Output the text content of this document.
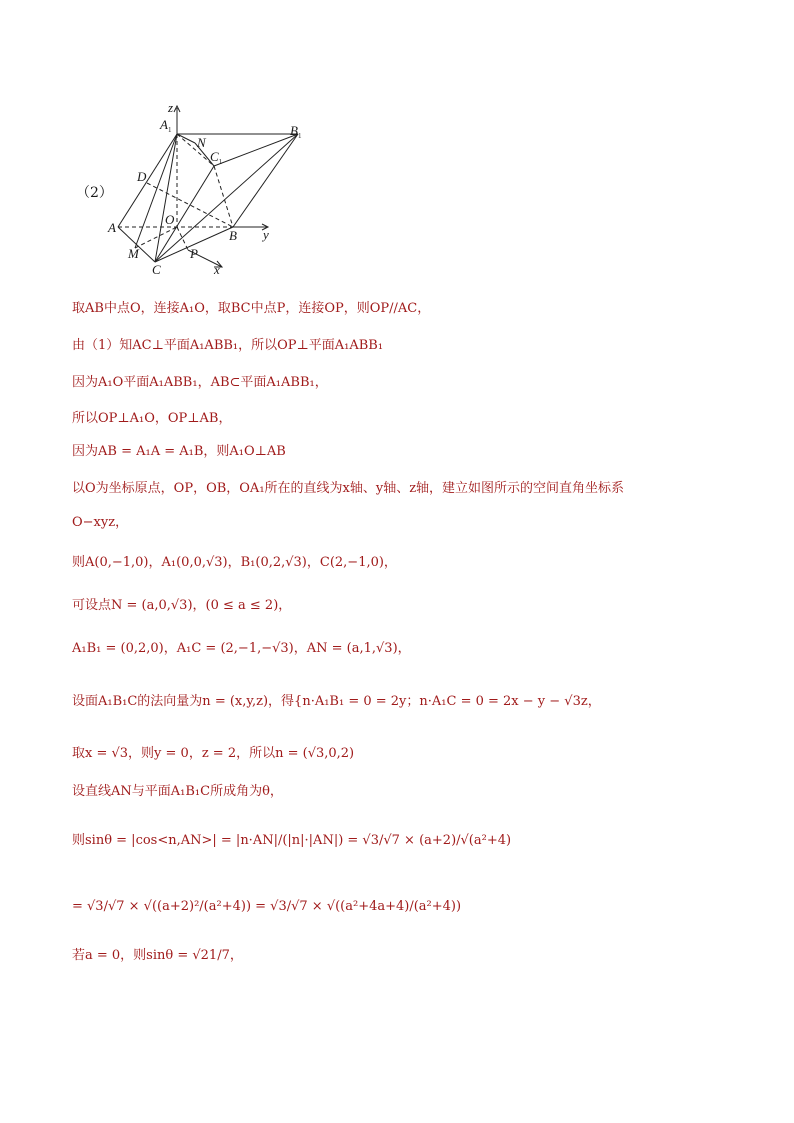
（2）
z
$A_1$	$B_1$
N
$C_1$
D
A
O
B y
M	P
C	x
取AB中点O，连接A₁O，取BC中点P，连接OP，则OP//AC，
由（1）知AC⊥平面A₁ABB₁，所以OP⊥平面A₁ABB₁
因为A₁O平面A₁ABB₁，AB⊂平面A₁ABB₁，
所以OP⊥A₁O，OP⊥AB，
因为AB = A₁A = A₁B，则A₁O⊥AB
以O为坐标原点，OP，OB，OA₁所在的直线为x轴、y轴、z轴，建立如图所示的空间直角坐标系
O−xyz，
则A(0,−1,0)，A₁(0,0,√3)，B₁(0,2,√3)，C(2,−1,0)，
可设点N = (a,0,√3)，(0 ≤ a ≤ 2)，
A₁B₁ = (0,2,0)，A₁C = (2,−1,−√3)，AN = (a,1,√3)，
设面A₁B₁C的法向量为n = (x,y,z)，得{n·A₁B₁ = 0 = 2y；n·A₁C = 0 = 2x − y − √3z，
取x = √3，则y = 0，z = 2，所以n = (√3,0,2)
设直线AN与平面A₁B₁C所成角为θ，
则sinθ = |cos<n,AN>| = |n·AN|/(|n|·|AN|) = √3/√7 × (a+2)/√(a²+4)
= √3/√7 × √((a+2)²/(a²+4)) = √3/√7 × √((a²+4a+4)/(a²+4))
若a = 0，则sinθ = √21/7，
